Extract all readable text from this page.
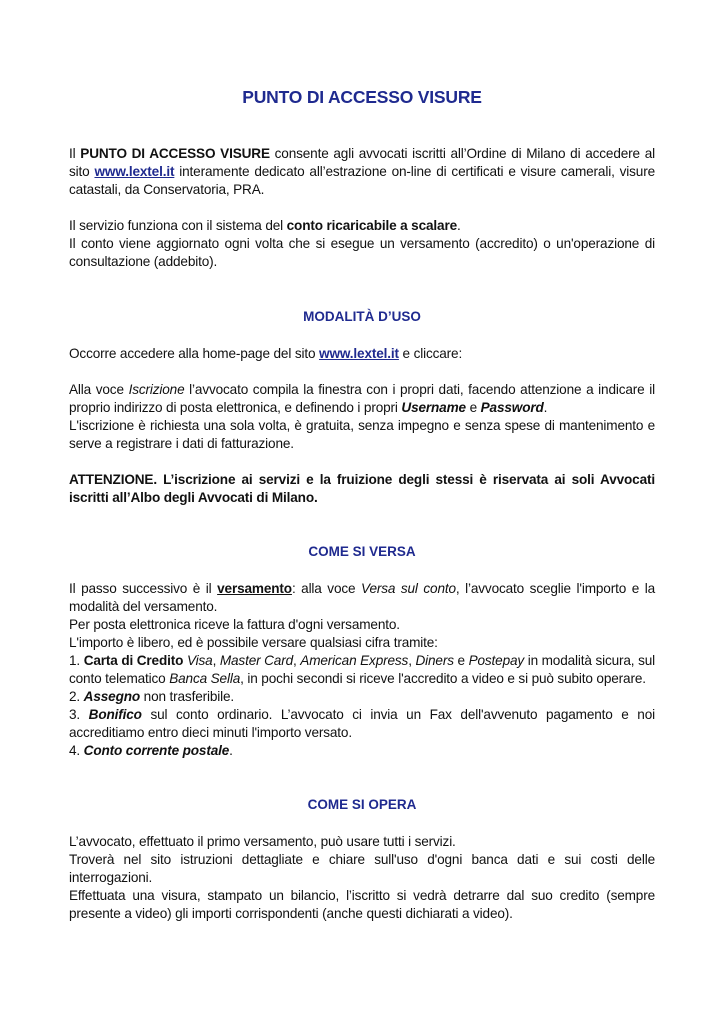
PUNTO DI ACCESSO VISURE
Il PUNTO DI ACCESSO VISURE consente agli avvocati iscritti all’Ordine di Milano di accedere al sito www.lextel.it interamente dedicato all’estrazione on-line di certificati e visure camerali, visure catastali, da Conservatoria, PRA.
Il servizio funziona con il sistema del conto ricaricabile a scalare.
Il conto viene aggiornato ogni volta che si esegue un versamento (accredito) o un'operazione di consultazione (addebito).
MODALITÀ D’USO
Occorre accedere alla home-page del sito www.lextel.it e cliccare:
Alla voce Iscrizione l’avvocato compila la finestra con i propri dati, facendo attenzione a indicare il proprio indirizzo di posta elettronica, e definendo i propri Username e Password.
L'iscrizione è richiesta una sola volta, è gratuita, senza impegno e senza spese di mantenimento e serve a registrare i dati di fatturazione.
ATTENZIONE. L’iscrizione ai servizi e la fruizione degli stessi è riservata ai soli Avvocati iscritti all’Albo degli Avvocati di Milano.
COME SI VERSA
Il passo successivo è il versamento: alla voce Versa sul conto, l’avvocato sceglie l'importo e la modalità del versamento.
Per posta elettronica riceve la fattura d'ogni versamento.
L'importo è libero, ed è possibile versare qualsiasi cifra tramite:
1. Carta di Credito Visa, Master Card, American Express, Diners e Postepay in modalità sicura, sul conto telematico Banca Sella, in pochi secondi si riceve l'accredito a video e si può subito operare.
2. Assegno non trasferibile.
3. Bonifico sul conto ordinario. L’avvocato ci invia un Fax dell'avvenuto pagamento e noi accreditiamo entro dieci minuti l'importo versato.
4. Conto corrente postale.
COME SI OPERA
L’avvocato, effettuato il primo versamento, può usare tutti i servizi.
Troverà nel sito istruzioni dettagliate e chiare sull'uso d'ogni banca dati e sui costi delle interrogazioni.
Effettuata una visura, stampato un bilancio, l’iscritto si vedrà detrarre dal suo credito (sempre presente a video) gli importi corrispondenti (anche questi dichiarati a video).
